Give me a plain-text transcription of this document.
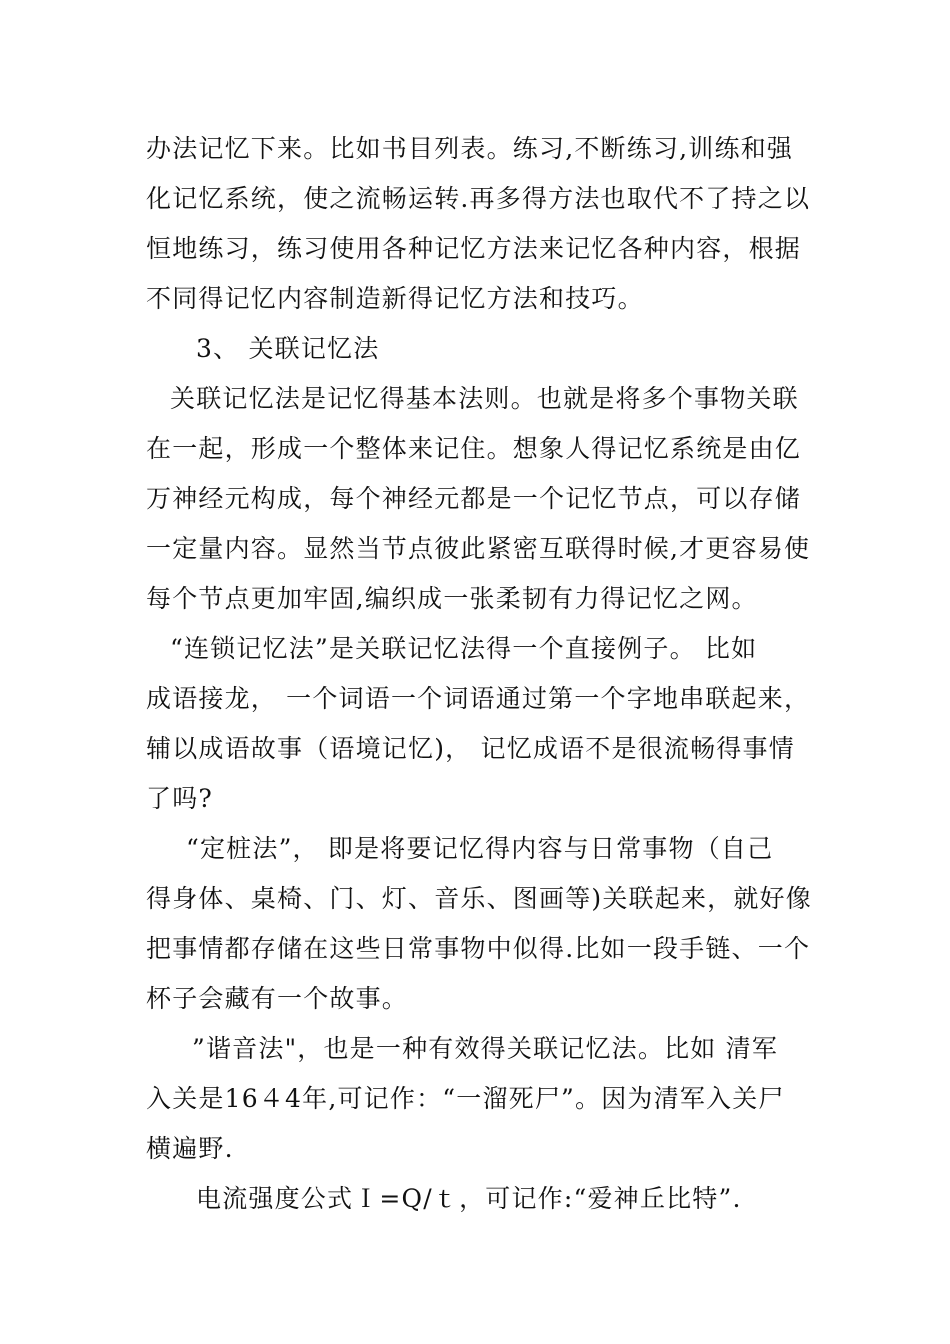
办法记忆下来。比如书目列表。练习,不断练习,训练和强
化记忆系统，使之流畅运转.再多得方法也取代不了持之以
恒地练习，练习使用各种记忆方法来记忆各种内容，根据
不同得记忆内容制造新得记忆方法和技巧。
3、 关联记忆法
关联记忆法是记忆得基本法则。也就是将多个事物关联
在一起，形成一个整体来记住。想象人得记忆系统是由亿
万神经元构成，每个神经元都是一个记忆节点，可以存储
一定量内容。显然当节点彼此紧密互联得时候,才更容易使
每个节点更加牢固,编织成一张柔韧有力得记忆之网。
“连锁记忆法”是关联记忆法得一个直接例子。 比如
成语接龙， 一个词语一个词语通过第一个字地串联起来，
辅以成语故事（语境记忆)， 记忆成语不是很流畅得事情
了吗?
“定桩法”， 即是将要记忆得内容与日常事物（自己
得身体、桌椅、门、灯、音乐、图画等)关联起来，就好像
把事情都存储在这些日常事物中似得.比如一段手链、一个
杯子会藏有一个故事。
”谐音法"，也是一种有效得关联记忆法。比如 清军
入关是16４4年,可记作：“一溜死尸”。因为清军入关尸
横遍野.
电流强度公式Ｉ=Q/ｔ，可记作:“爱神丘比特”.
